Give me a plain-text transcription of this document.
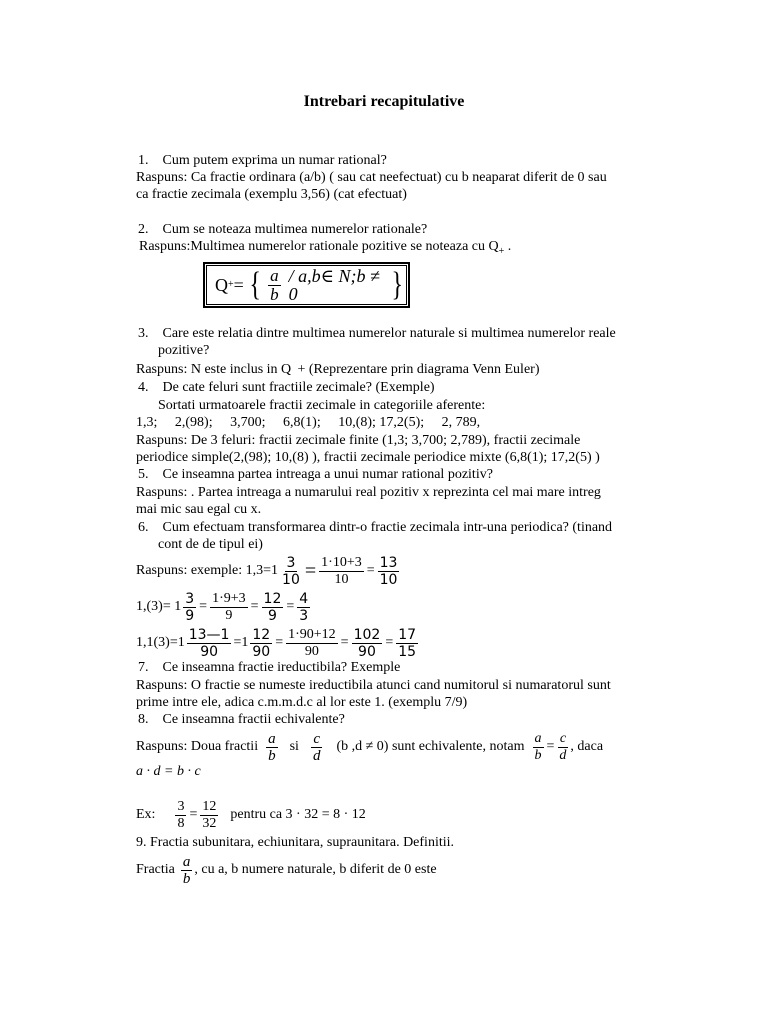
Intrebari recapitulative
1. Cum putem exprima un numar rational?
Raspuns: Ca fractie ordinara (a/b) ( sau cat neefectuat) cu b neaparat diferit de 0 sau
ca fractie zecimala (exemplu 3,56) (cat efectuat)
2. Cum se noteaza multimea numerelor rationale?
Raspuns:Multimea numerelor rationale pozitive se noteaza cu $Q_+$ .
Q + = { $\frac{a}{b}$ / a,b∈ N;b ≠ 0	}
3. Care este relatia dintre multimea numerelor naturale si multimea numerelor reale
pozitive?
Raspuns: N este inclus in Q  + (Reprezentare prin diagrama Venn Euler)
4. De cate feluri sunt fractiile zecimale? (Exemple)
Sortati urmatoarele fractii zecimale in categoriile aferente:
1,3;  2,(98);  3,700;  6,8(1);  10,(8); 17,2(5);  2, 789,
Raspuns: De 3 feluri: fractii zecimale finite (1,3; 3,700; 2,789), fractii zecimale
periodice simple(2,(98); 10,(8) ), fractii zecimale periodice mixte (6,8(1); 17,2(5) )
5. Ce inseamna partea intreaga a unui numar rational pozitiv?
Raspuns: . Partea intreaga a numarului real pozitiv x reprezinta cel mai mare intreg
mai mic sau egal cu x.
6. Cum efectuam transformarea dintr-o fractie zecimala intr-una periodica? (tinand
cont de de tipul ei)
Raspuns: exemple: $1,3=1 \frac{3}{10} = \frac{1\cdot 10+3}{10} = \frac{13}{10}$
$1,(3)= 1 \frac{3}{9} = \frac{1\cdot 9+3}{9} = \frac{12}{9} = \frac{4}{3}$
$1,1(3)=1 \frac{13—1}{90} =1 \frac{12}{90} = \frac{1\cdot 90+12}{90} = \frac{102}{90} = \frac{17}{15}$
7. Ce inseamna fractie ireductibila? Exemple
Raspuns: O fractie se numeste ireductibila atunci cand numitorul si numaratorul sunt
prime intre ele, adica c.m.m.d.c al lor este 1. (exemplu 7/9)
8. Ce inseamna fractii echivalente?
Raspuns: Doua fractii $\frac{a}{b}$ si $\frac{c}{d} (b$ ,d ≠ 0) sunt echivalente, notam $\frac{a}{b} = \frac{c}{d}$ , daca
a · d = b · c
Ex: $\frac{3}{8} = \frac{12}{32}$ pentru ca 3 · 32 = 8 · 12
9. Fractia subunitara, echiunitara, supraunitara. Definitii.
Fractia $\frac{a}{b}$ , cu a, b numere naturale, b diferit de 0 este
